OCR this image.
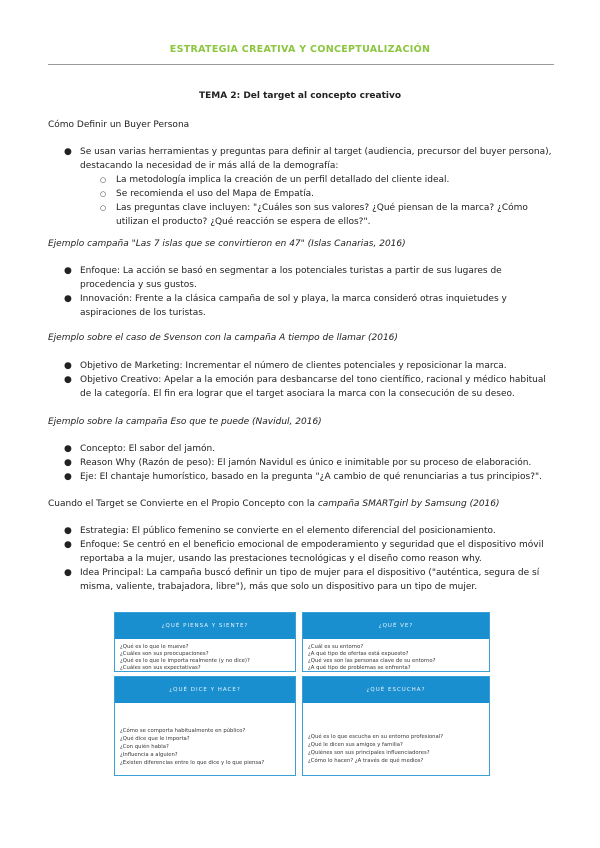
ESTRATEGIA CREATIVA Y CONCEPTUALIZACIÓN
TEMA 2: Del target al concepto creativo
Cómo Definir un Buyer Persona
● Se usan varias herramientas y preguntas para definir al target (audiencia, precursor del buyer persona),
destacando la necesidad de ir más allá de la demografía:
○ La metodología implica la creación de un perfil detallado del cliente ideal.
○ Se recomienda el uso del Mapa de Empatía.
○ Las preguntas clave incluyen: "¿Cuáles son sus valores? ¿Qué piensan de la marca? ¿Cómo
utilizan el producto? ¿Qué reacción se espera de ellos?".
Ejemplo campaña "Las 7 islas que se convirtieron en 47" (Islas Canarias, 2016)
● Enfoque: La acción se basó en segmentar a los potenciales turistas a partir de sus lugares de
procedencia y sus gustos.
● Innovación: Frente a la clásica campaña de sol y playa, la marca consideró otras inquietudes y
aspiraciones de los turistas.
Ejemplo sobre el caso de Svenson con la campaña A tiempo de llamar (2016)
● Objetivo de Marketing: Incrementar el número de clientes potenciales y reposicionar la marca.
● Objetivo Creativo: Apelar a la emoción para desbancarse del tono científico, racional y médico habitual
de la categoría. El fin era lograr que el target asociara la marca con la consecución de su deseo.
Ejemplo sobre la campaña Eso que te puede (Navidul, 2016)
● Concepto: El sabor del jamón.
● Reason Why (Razón de peso): El jamón Navidul es único e inimitable por su proceso de elaboración.
● Eje: El chantaje humorístico, basado en la pregunta "¿A cambio de qué renunciarias a tus principios?".
Cuando el Target se Convierte en el Propio Concepto con la campaña SMARTgirl by Samsung (2016)
● Estrategia: El público femenino se convierte en el elemento diferencial del posicionamiento.
● Enfoque: Se centró en el beneficio emocional de empoderamiento y seguridad que el dispositivo móvil
reportaba a la mujer, usando las prestaciones tecnológicas y el diseño como reason why.
● Idea Principal: La campaña buscó definir un tipo de mujer para el dispositivo ("auténtica, segura de sí
misma, valiente, trabajadora, libre"), más que solo un dispositivo para un tipo de mujer.
¿QUÉ PIENSA Y SIENTE?
¿Qué es lo que le mueve?
¿Cuáles son sus preocupaciones?
¿Qué es lo que le importa realmente (y no dice)?
¿Cuáles son sus expectativas?
¿QUÉ VE?
¿Cuál es su entorno?
¿A qué tipo de ofertas está expuesto?
¿Qué ves son las personas clave de su entorno?
¿A qué tipo de problemas se enfrenta?
¿QUÉ DICE Y HACE?
¿Cómo se comporta habitualmente en público?
¿Qué dice que le importa?
¿Con quién habla?
¿Influencia a alguien?
¿Existen diferencias entre lo que dice y lo que piensa?
¿QUÉ ESCUCHA?
¿Qué es lo que escucha en su entorno profesional?
¿Qué le dicen sus amigos y familia?
¿Quiénes son sus principales influenciadores?
¿Cómo lo hacen? ¿A través de qué medios?
